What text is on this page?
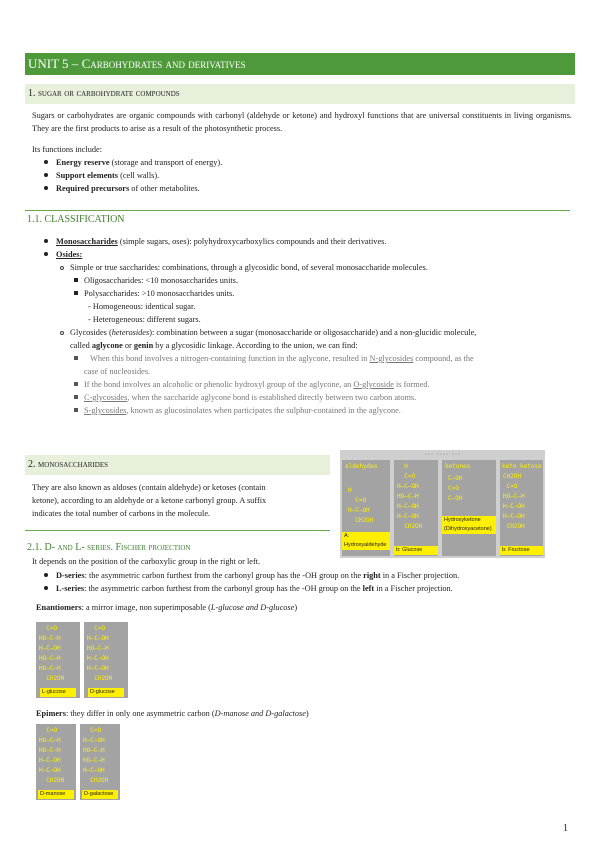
UNIT 5 – Carbohydrates and derivatives
1. sugar or carbohydrate compounds
Sugars or carbohydrates are organic compounds with carbonyl (aldehyde or ketone) and hydroxyl functions that are universal constituents in living organisms. They are the first products to arise as a result of the photosynthetic process.
Its functions include:
Energy reserve (storage and transport of energy).
Support elements (cell walls).
Required precursors of other metabolites.
1.1. CLASSIFICATION
Monosaccharides (simple sugars, oses): polyhydroxycarboxylics compounds and their derivatives.
Osides:
Simple or true saccharides: combinations, through a glycosidic bond, of several monosaccharide molecules.
Oligosaccharides: <10 monosaccharides units.
Polysaccharides: >10 monosaccharides units.
- Homogeneous: identical sugar.
- Heterogeneous: different sugars.
Glycosides (heterosides): combination between a sugar (monosaccharide or oligosaccharide) and a non-glucidic molecule,
called aglycone or genin by a glycosidic linkage. According to the union, we can find:
When this bond involves a nitrogen-containing function in the aglycone, resulted in N-glycosides compound, as the
case of nucleosides.
If the bond involves an alcoholic or phenolic hydroxyl group of the aglycone, an O-glycoside is formed.
C-glycosides, when the saccharide aglycone bond is established directly between two carbon atoms.
S-glycosides, known as glucosinolates when participates the sulphur-contained in the aglycone.
2. monosaccharides
They are also known as aldoses (contain aldehyde) or ketoses (contain
ketone), according to an aldehyde or a ketone carbonyl group. A suffix
indicates the total number of carbons in the molecule.
··· ···· ···
aldehydes
H
C=O
H—C—OH
CH2OH
A: Hydroxyaldehyde
H
C=O
H—C—OH
HO—C—H
H—C—OH
H—C—OH
CH2OH
b: Glucose
ketones
C—OH
C=O
C—OH
Hydroxyketone (Dihydroxyacetone)
keto ketose
CH2OH
C=O
HO—C—H
H—C—OH
H—C—OH
CH2OH
b: Fructose
2.1. D- and L- series. Fischer projection
It depends on the position of the carboxylic group in the right or left.
D-series: the asymmetric carbon furthest from the carbonyl group has the -OH group on the right in a Fischer projection.
L-series: the asymmetric carbon furthest from the carbonyl group has the -OH group on the left in a Fischer projection.
Enantiomers: a mirror image, non superimposable (L-glucose and D-glucose)
C=O
HO—C—H
H—C—OH
HO—C—H
HO—C—H
CH2OH
L-glucose
C=O
H—C—OH
HO—C—H
H—C—OH
H—C—OH
CH2OH
D-glucose
Epimers: they differ in only one asymmetric carbon (D-manose and D-galactose)
C=O
HO—C—H
HO—C—H
H—C—OH
H—C—OH
CH2OH
D-manose
C=O
H—C—OH
HO—C—H
HO—C—H
H—C—OH
CH2OH
D-galactose
1
